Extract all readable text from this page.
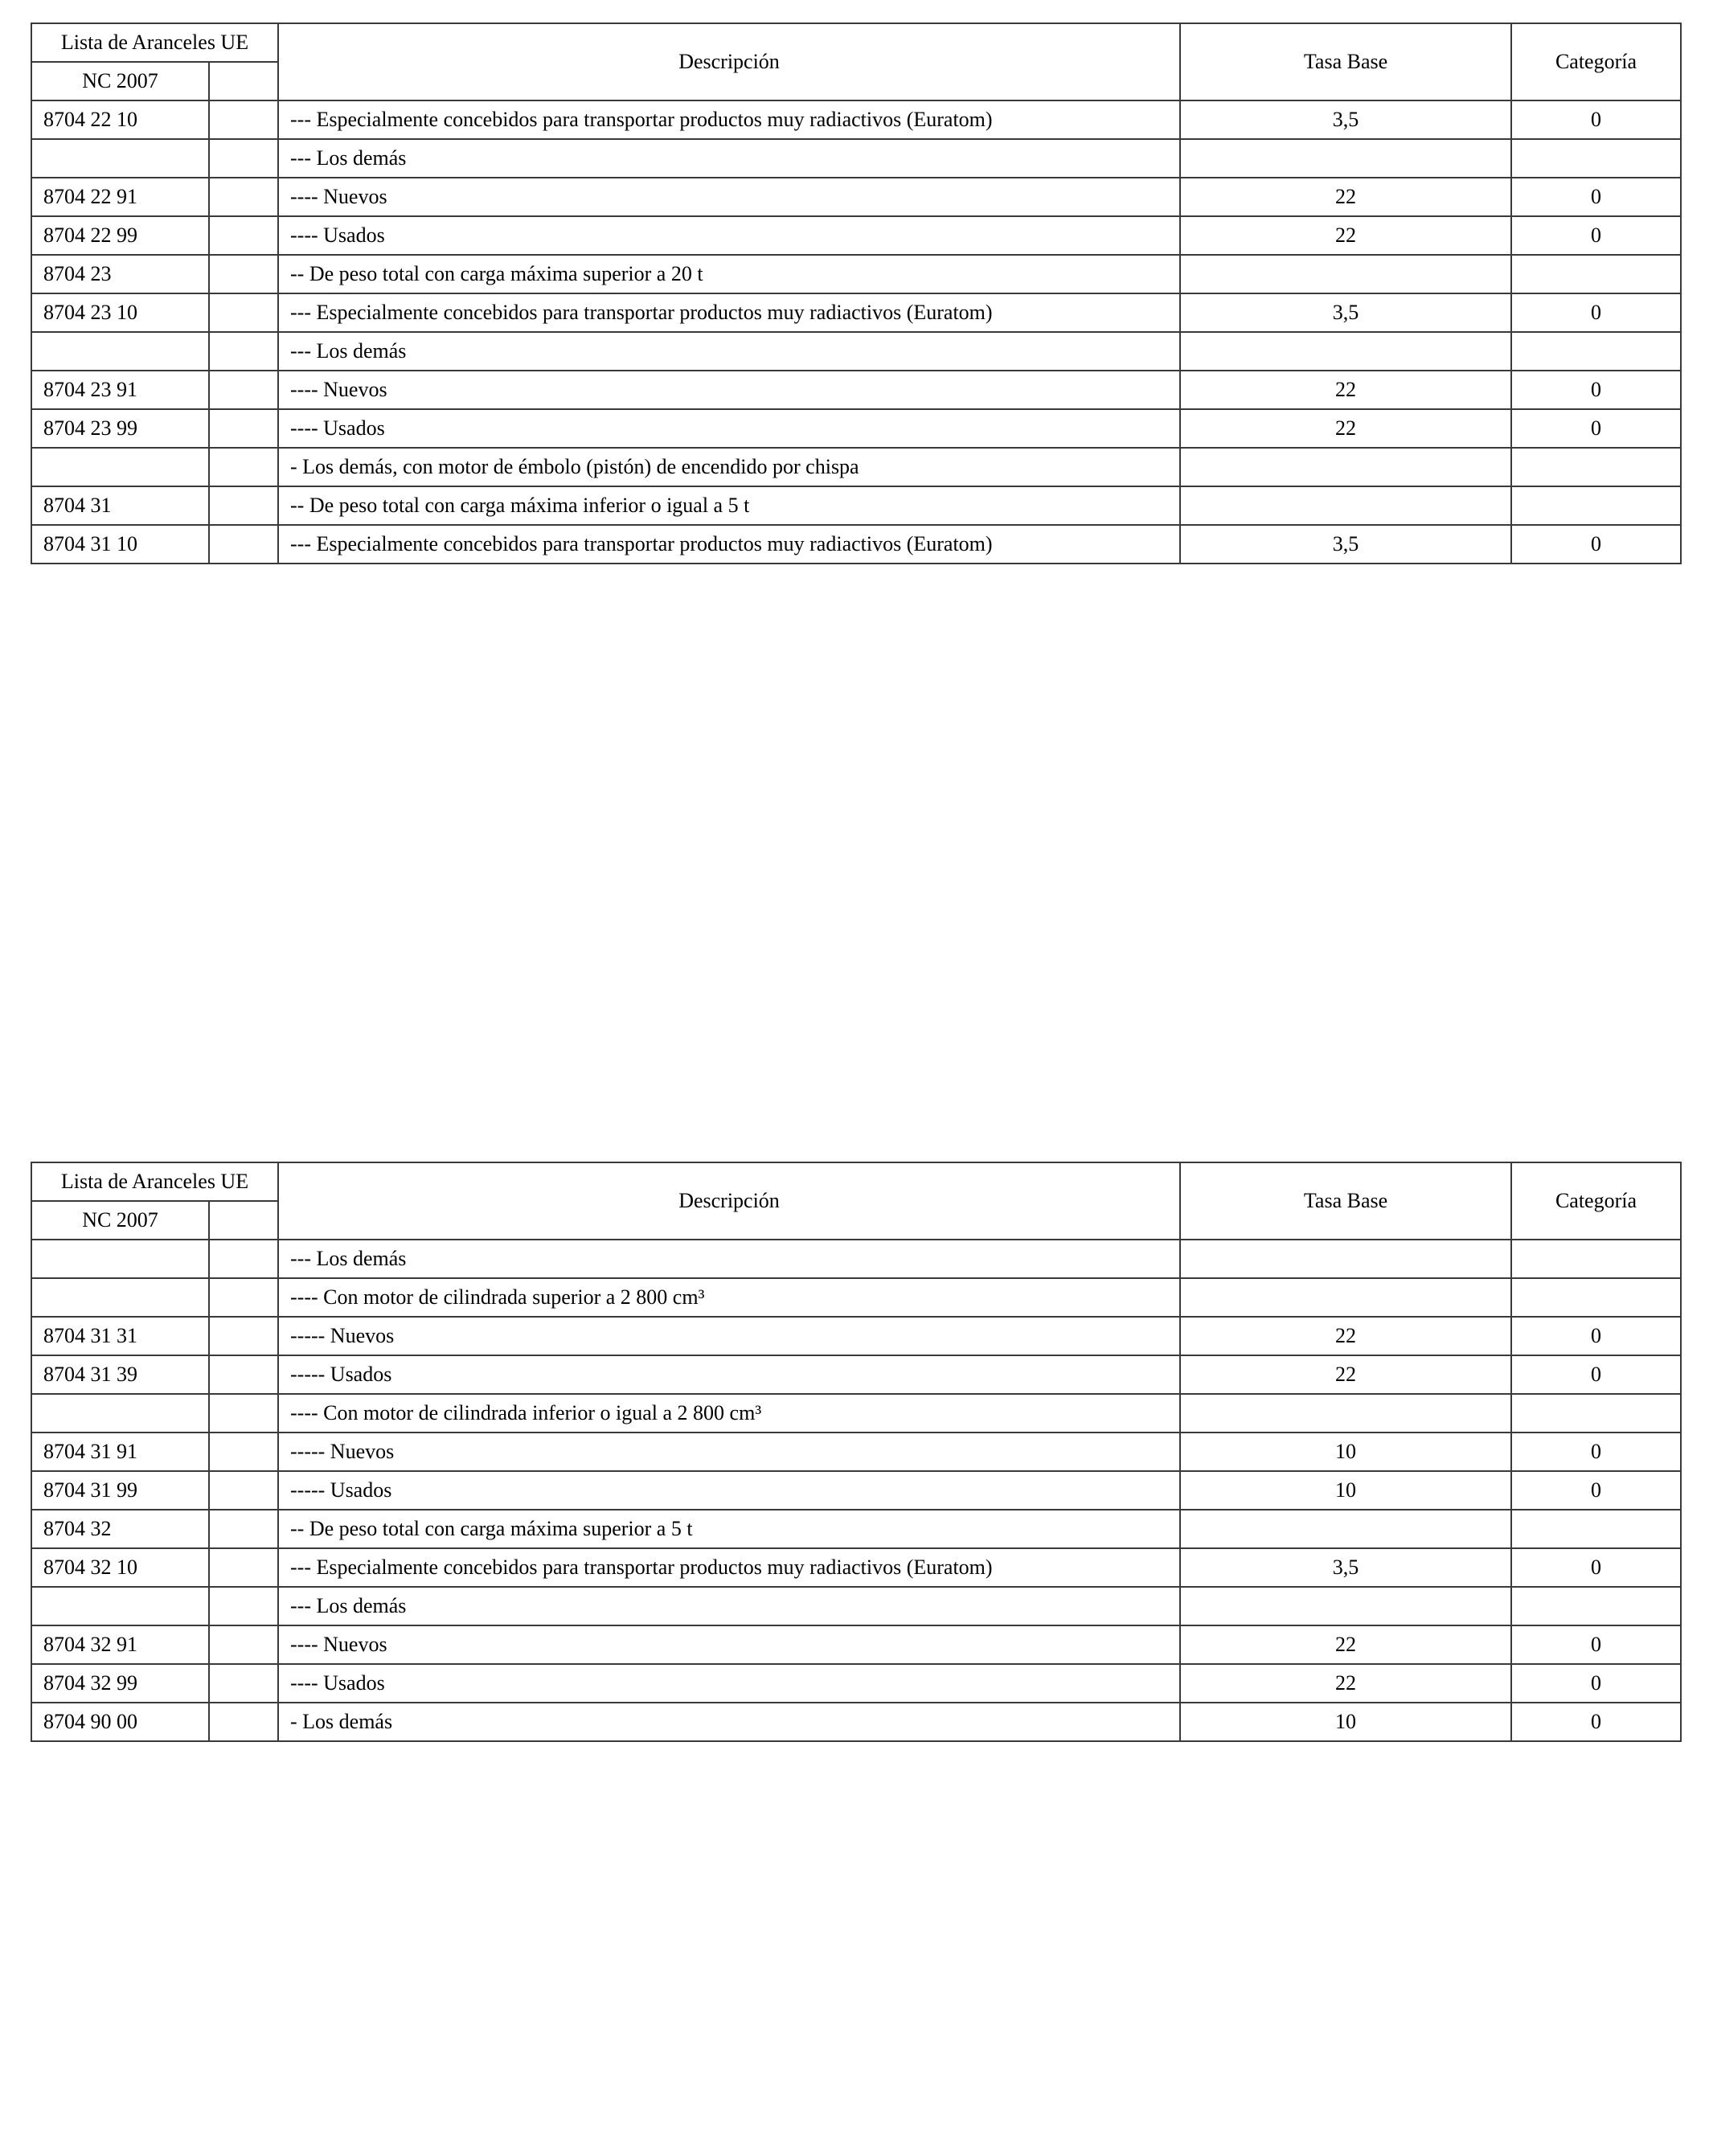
Lista de Aranceles UE		Descripción	Tasa Base	Categoría
NC 2007				
8704 22 10		--- Especialmente concebidos para transportar productos muy radiactivos (Euratom)	3,5	0
		--- Los demás		
8704 22 91		---- Nuevos	22	0
8704 22 99		---- Usados	22	0
8704 23		-- De peso total con carga máxima superior a 20 t		
8704 23 10		--- Especialmente concebidos para transportar productos muy radiactivos (Euratom)	3,5	0
		--- Los demás		
8704 23 91		---- Nuevos	22	0
8704 23 99		---- Usados	22	0
		- Los demás, con motor de émbolo (pistón) de encendido por chispa		
8704 31		-- De peso total con carga máxima inferior o igual a 5 t		
8704 31 10		--- Especialmente concebidos para transportar productos muy radiactivos (Euratom)	3,5	0
Lista de Aranceles UE		Descripción	Tasa Base	Categoría
NC 2007				
		--- Los demás		
		---- Con motor de cilindrada superior a 2 800 cm³		
8704 31 31		----- Nuevos	22	0
8704 31 39		----- Usados	22	0
		---- Con motor de cilindrada inferior o igual a 2 800 cm³		
8704 31 91		----- Nuevos	10	0
8704 31 99		----- Usados	10	0
8704 32		-- De peso total con carga máxima superior a 5 t		
8704 32 10		--- Especialmente concebidos para transportar productos muy radiactivos (Euratom)	3,5	0
		--- Los demás		
8704 32 91		---- Nuevos	22	0
8704 32 99		---- Usados	22	0
8704 90 00		- Los demás	10	0
